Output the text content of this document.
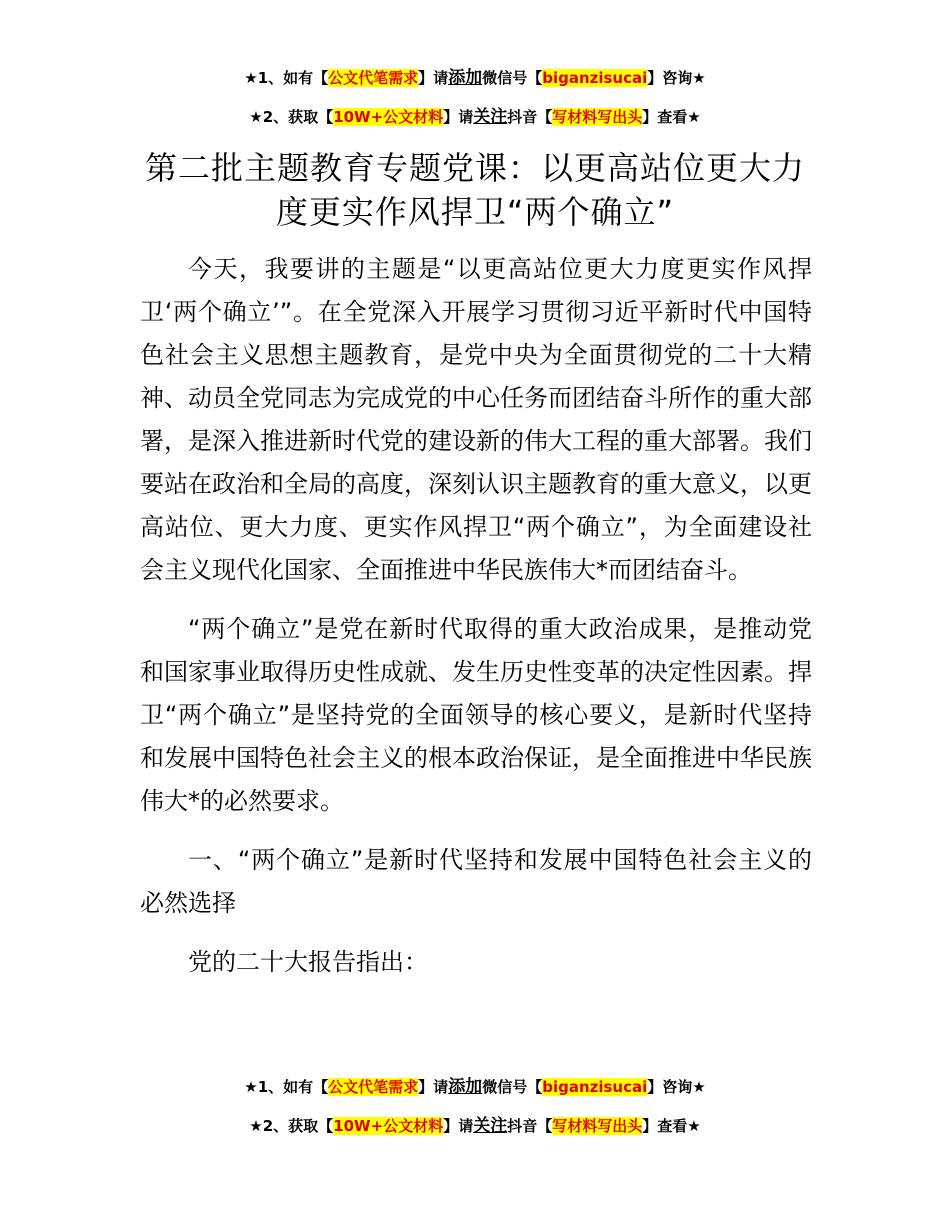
★1、如有【公文代笔需求】请添加微信号【biganzisucai】咨询★
★2、获取【10W+公文材料】请关注抖音【写材料写出头】查看★
第二批主题教育专题党课：以更高站位更大力度更实作风捍卫“两个确立”

今天，我要讲的主题是“以更高站位更大力度更实作风捍卫‘两个确立’”。在全党深入开展学习贯彻习近平新时代中国特色社会主义思想主题教育，是党中央为全面贯彻党的二十大精神、动员全党同志为完成党的中心任务而团结奋斗所作的重大部署，是深入推进新时代党的建设新的伟大工程的重大部署。我们要站在政治和全局的高度，深刻认识主题教育的重大意义，以更高站位、更大力度、更实作风捍卫“两个确立”，为全面建设社会主义现代化国家、全面推进中华民族伟大*而团结奋斗。

“两个确立”是党在新时代取得的重大政治成果，是推动党和国家事业取得历史性成就、发生历史性变革的决定性因素。捍卫“两个确立”是坚持党的全面领导的核心要义，是新时代坚持和发展中国特色社会主义的根本政治保证，是全面推进中华民族伟大*的必然要求。

一、“两个确立”是新时代坚持和发展中国特色社会主义的必然选择

党的二十大报告指出：

★1、如有【公文代笔需求】请添加微信号【biganzisucai】咨询★
★2、获取【10W+公文材料】请关注抖音【写材料写出头】查看★
